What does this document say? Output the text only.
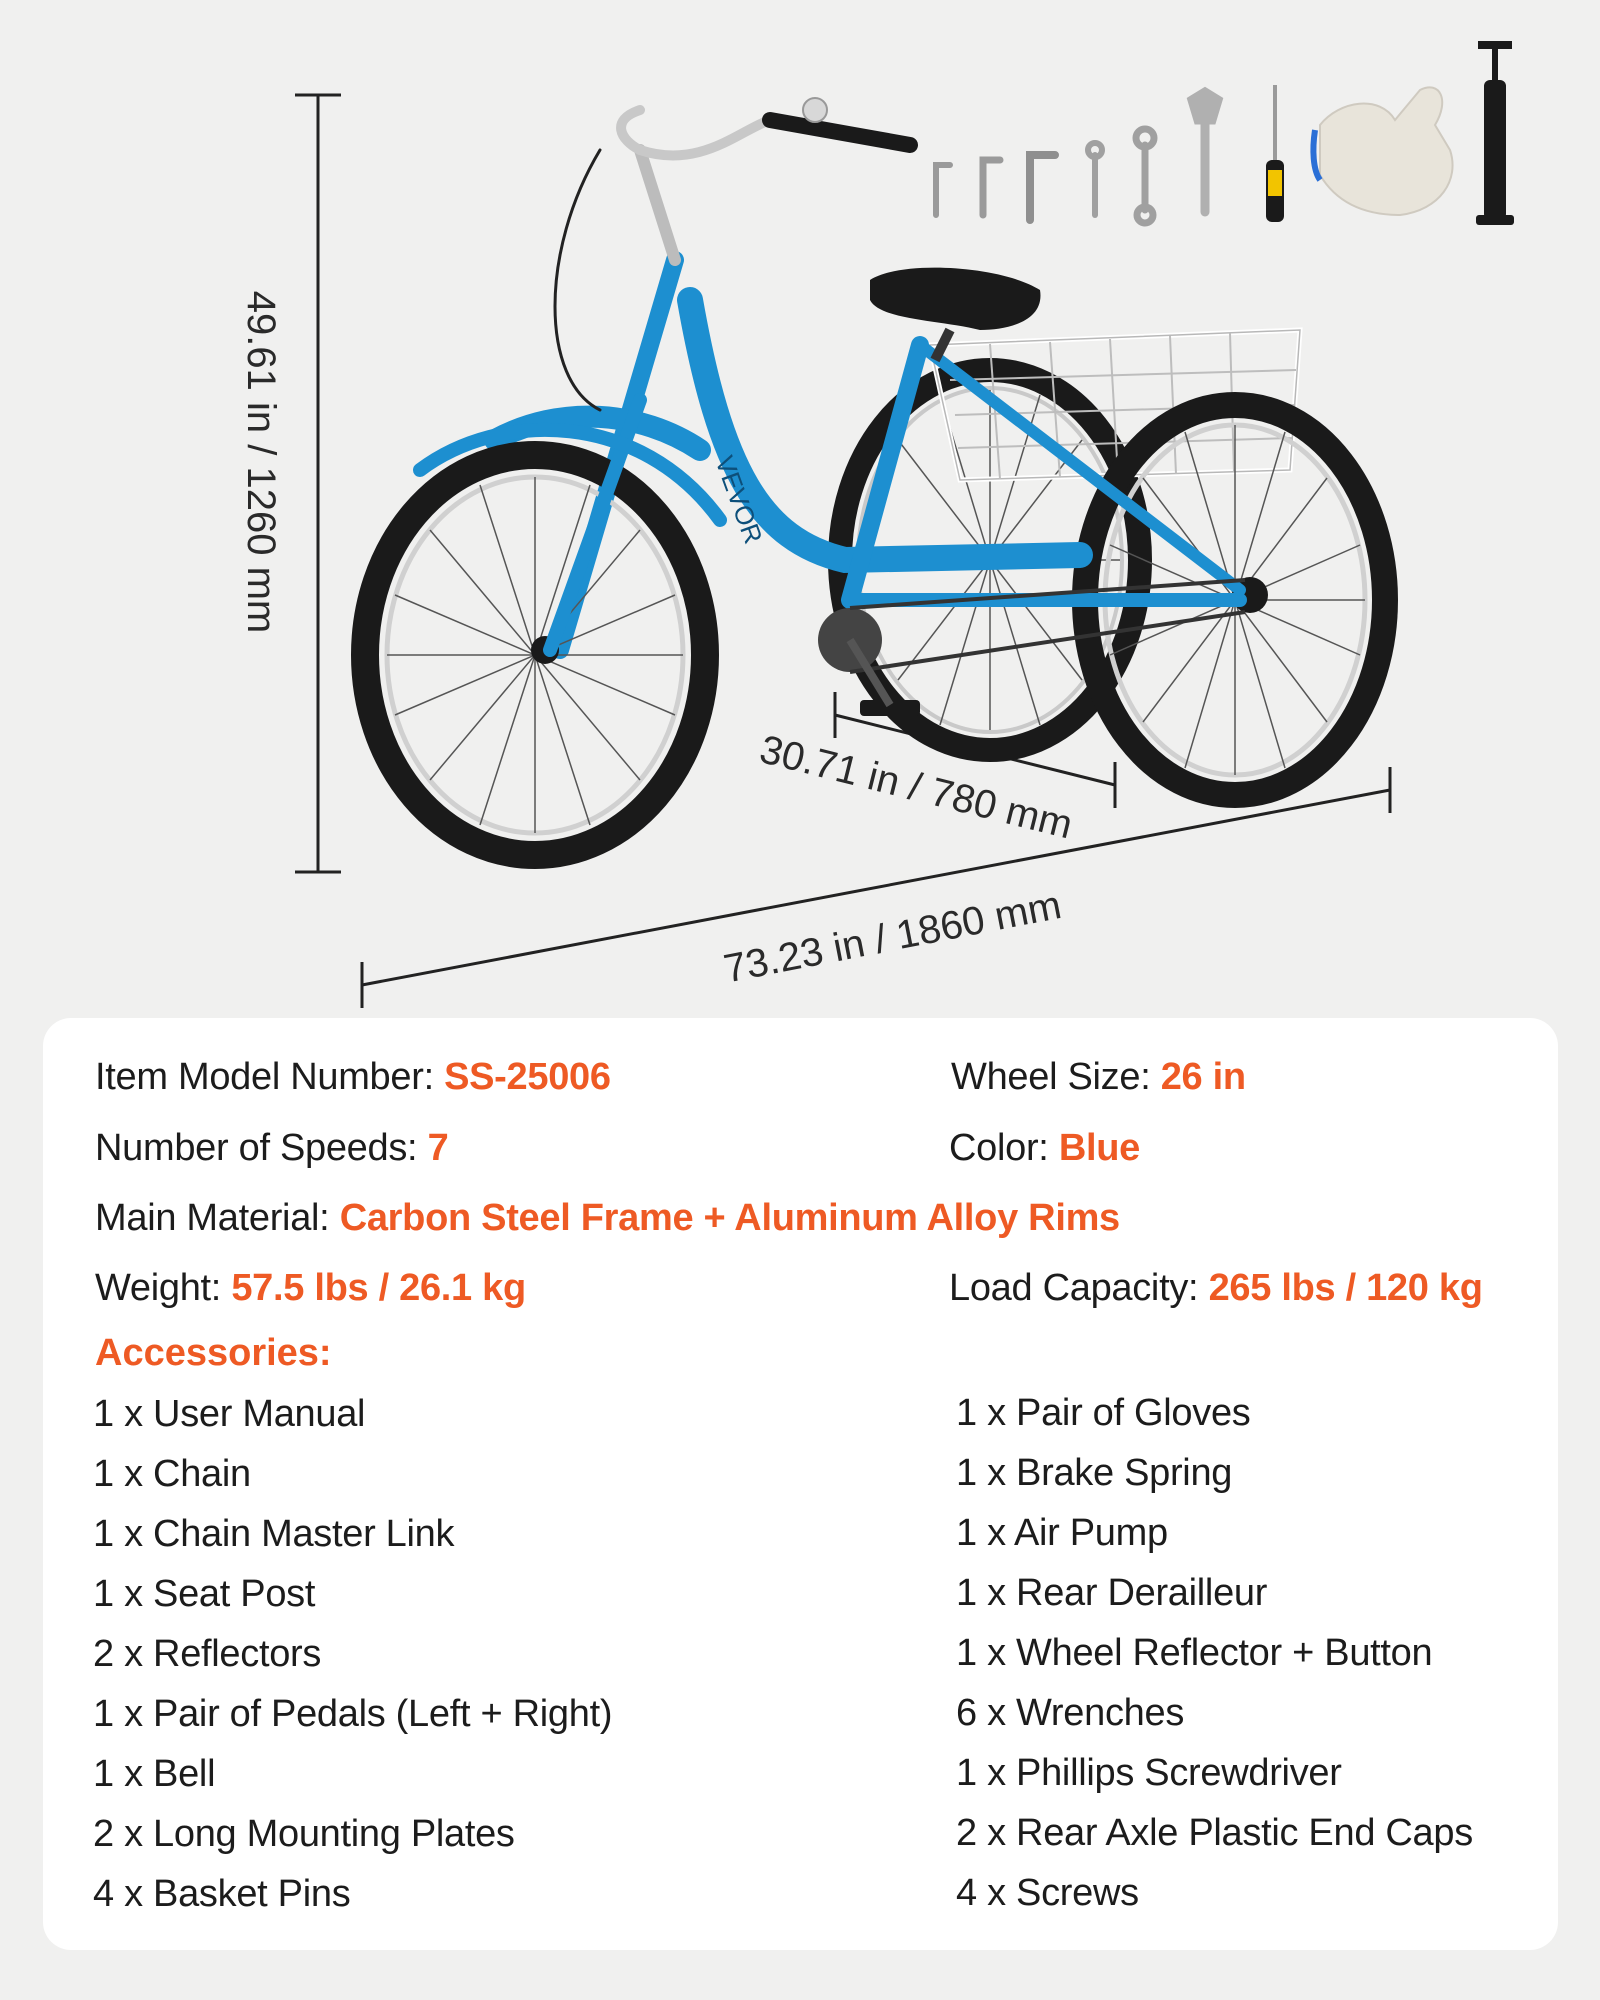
49.61 in / 1260 mm
30.71 in / 780 mm
73.23 in / 1860 mm
VEVOR
Item Model Number: SS-25006	Wheel Size: 26 in
Number of Speeds: 7	Color: Blue
Main Material: Carbon Steel Frame + Aluminum Alloy Rims
Weight: 57.5 lbs / 26.1 kg	Load Capacity: 265 lbs / 120 kg
Accessories:
1 x User Manual
1 x Chain
1 x Chain Master Link
1 x Seat Post
2 x Reflectors
1 x Pair of Pedals (Left + Right)
1 x Bell
2 x Long Mounting Plates
4 x Basket Pins
1 x Pair of Gloves
1 x Brake Spring
1 x Air Pump
1 x Rear Derailleur
1 x Wheel Reflector + Button
6 x Wrenches
1 x Phillips Screwdriver
2 x Rear Axle Plastic End Caps
4 x Screws
